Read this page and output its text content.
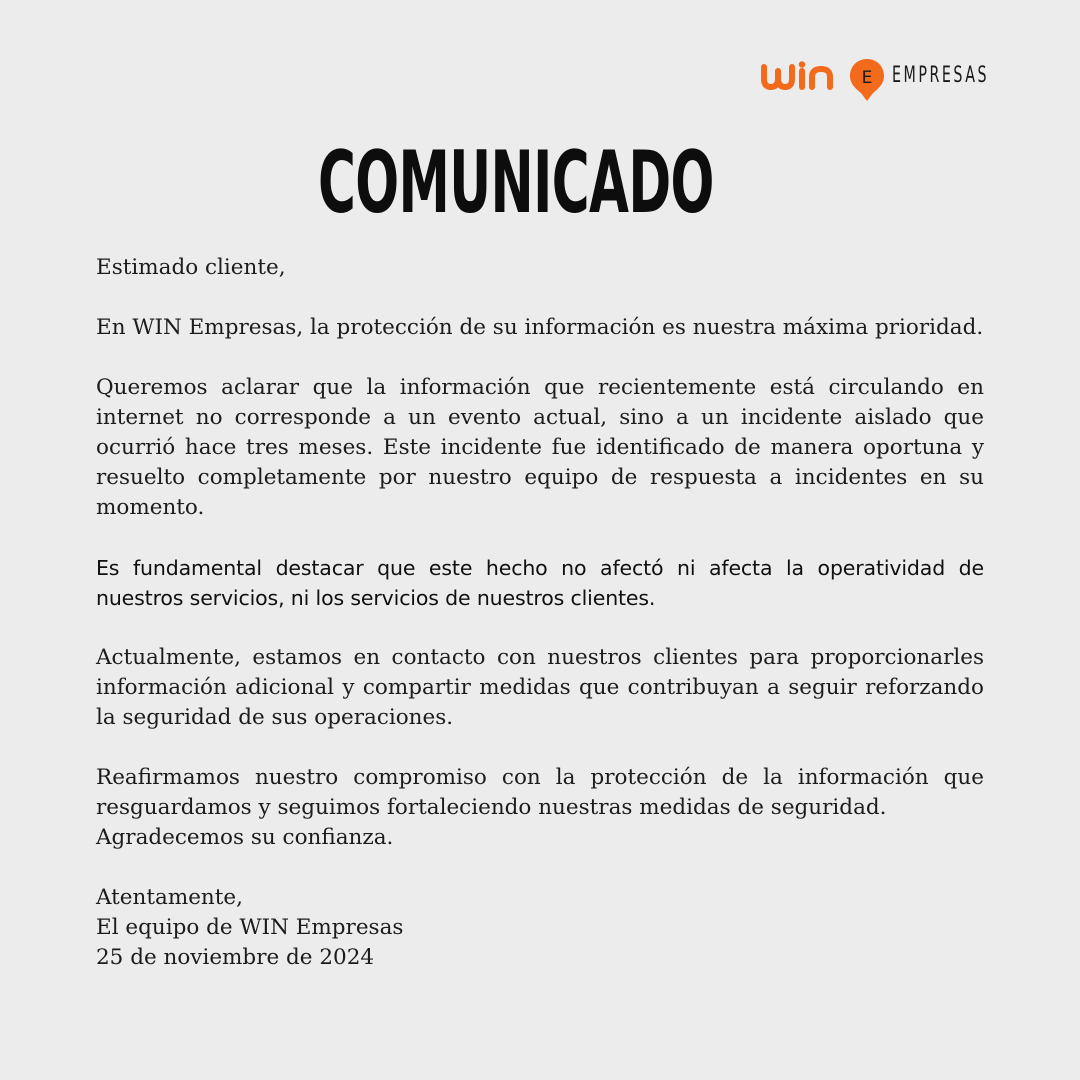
E EMPRESAS
COMUNICADO

Estimado cliente,

En WIN Empresas, la protección de su información es nuestra máxima prioridad.

Queremos aclarar que la información que recientemente está circulando en internet no corresponde a un evento actual, sino a un incidente aislado que ocurrió hace tres meses. Este incidente fue identificado de manera oportuna y resuelto completamente por nuestro equipo de respuesta a incidentes en su momento.

Es fundamental destacar que este hecho no afectó ni afecta la operatividad de nuestros servicios, ni los servicios de nuestros clientes.

Actualmente, estamos en contacto con nuestros clientes para proporcionarles información adicional y compartir medidas que contribuyan a seguir reforzando la seguridad de sus operaciones.

Reafirmamos nuestro compromiso con la protección de la información que resguardamos y seguimos fortaleciendo nuestras medidas de seguridad.
Agradecemos su confianza.

Atentamente,
El equipo de WIN Empresas
25 de noviembre de 2024
